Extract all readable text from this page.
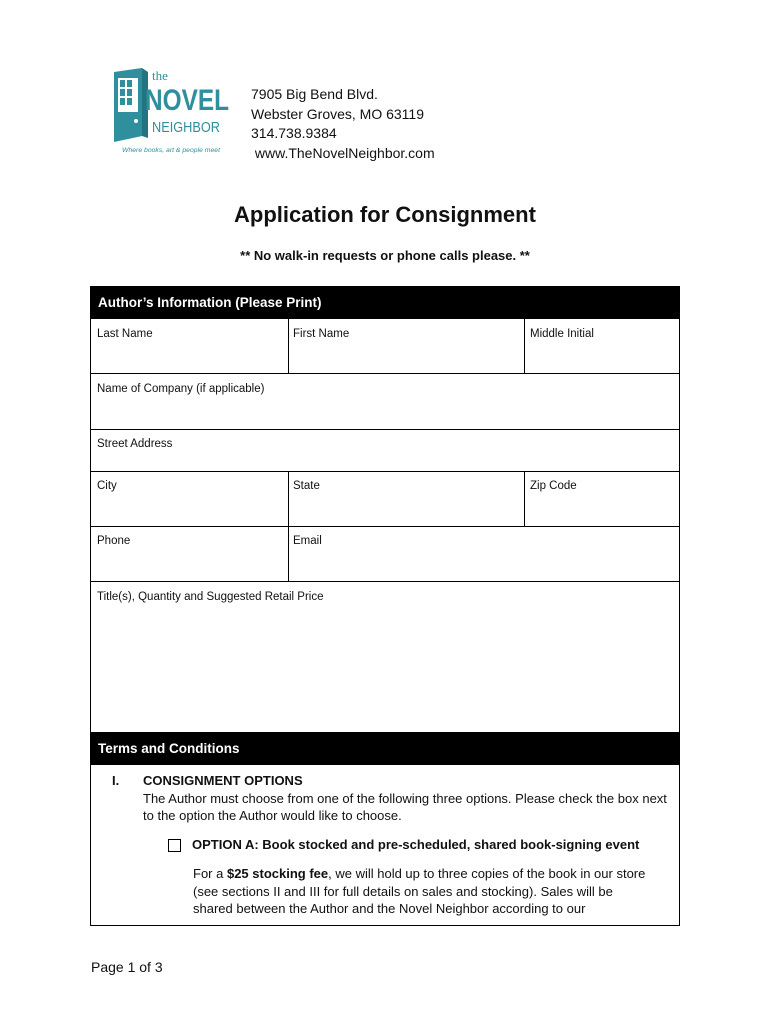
the
NOVEL
NEIGHBOR
Where books, art & people meet
7905 Big Bend Blvd.
Webster Groves, MO 63119
314.738.9384
www.TheNovelNeighbor.com
Application for Consignment
** No walk-in requests or phone calls please. **
Author’s Information (Please Print)
Last Name	First Name	Middle Initial
Name of Company (if applicable)
Street Address
City	State	Zip Code
Phone	Email
Title(s), Quantity and Suggested Retail Price
Terms and Conditions
I. CONSIGNMENT OPTIONS
The Author must choose from one of the following three options. Please check the box next to the option the Author would like to choose.
OPTION A: Book stocked and pre-scheduled, shared book-signing event
For a $25 stocking fee, we will hold up to three copies of the book in our store (see sections II and III for full details on sales and stocking). Sales will be shared between the Author and the Novel Neighbor according to our
Page 1 of 3
